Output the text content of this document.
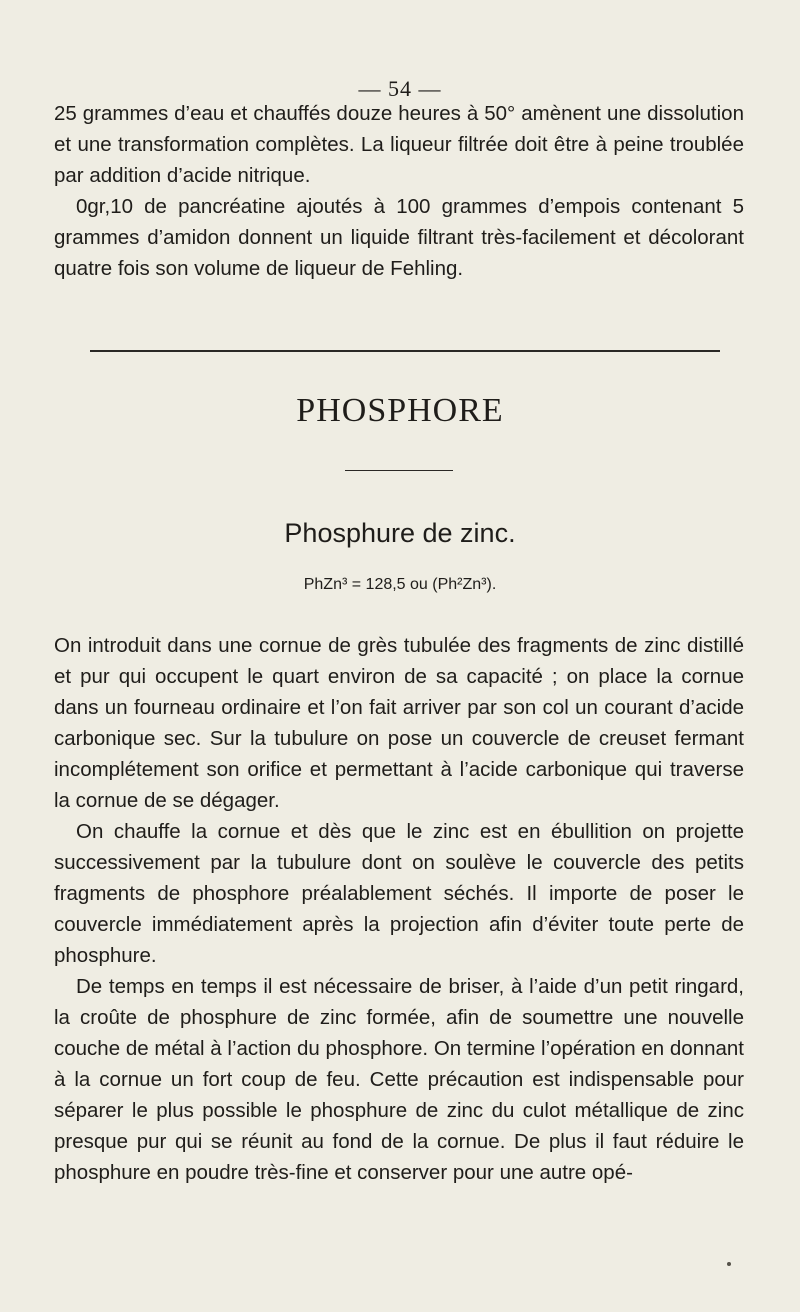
— 54 —

25 grammes d’eau et chauffés douze heures à 50° amènent une dissolution et une transformation complètes. La liqueur filtrée doit être à peine troublée par addition d’acide nitrique.

0gr,10 de pancréatine ajoutés à 100 grammes d’empois contenant 5 grammes d’amidon donnent un liquide filtrant très-facilement et décolorant quatre fois son volume de liqueur de Fehling.

PHOSPHORE
Phosphure de zinc.
PhZn³ = 128,5 ou (Ph²Zn³).

On introduit dans une cornue de grès tubulée des fragments de zinc distillé et pur qui occupent le quart environ de sa capacité ; on place la cornue dans un fourneau ordinaire et l’on fait arriver par son col un courant d’acide carbonique sec. Sur la tubulure on pose un couvercle de creuset fermant incomplétement son orifice et permettant à l’acide carbonique qui traverse la cornue de se dégager.

On chauffe la cornue et dès que le zinc est en ébullition on projette successivement par la tubulure dont on soulève le couvercle des petits fragments de phosphore préalablement séchés. Il importe de poser le couvercle immédiatement après la projection afin d’éviter toute perte de phosphure.

De temps en temps il est nécessaire de briser, à l’aide d’un petit ringard, la croûte de phosphure de zinc formée, afin de soumettre une nouvelle couche de métal à l’action du phosphore. On termine l’opération en donnant à la cornue un fort coup de feu. Cette précaution est indispensable pour séparer le plus possible le phosphure de zinc du culot métallique de zinc presque pur qui se réunit au fond de la cornue. De plus il faut réduire le phosphure en poudre très-fine et conserver pour une autre opé-
